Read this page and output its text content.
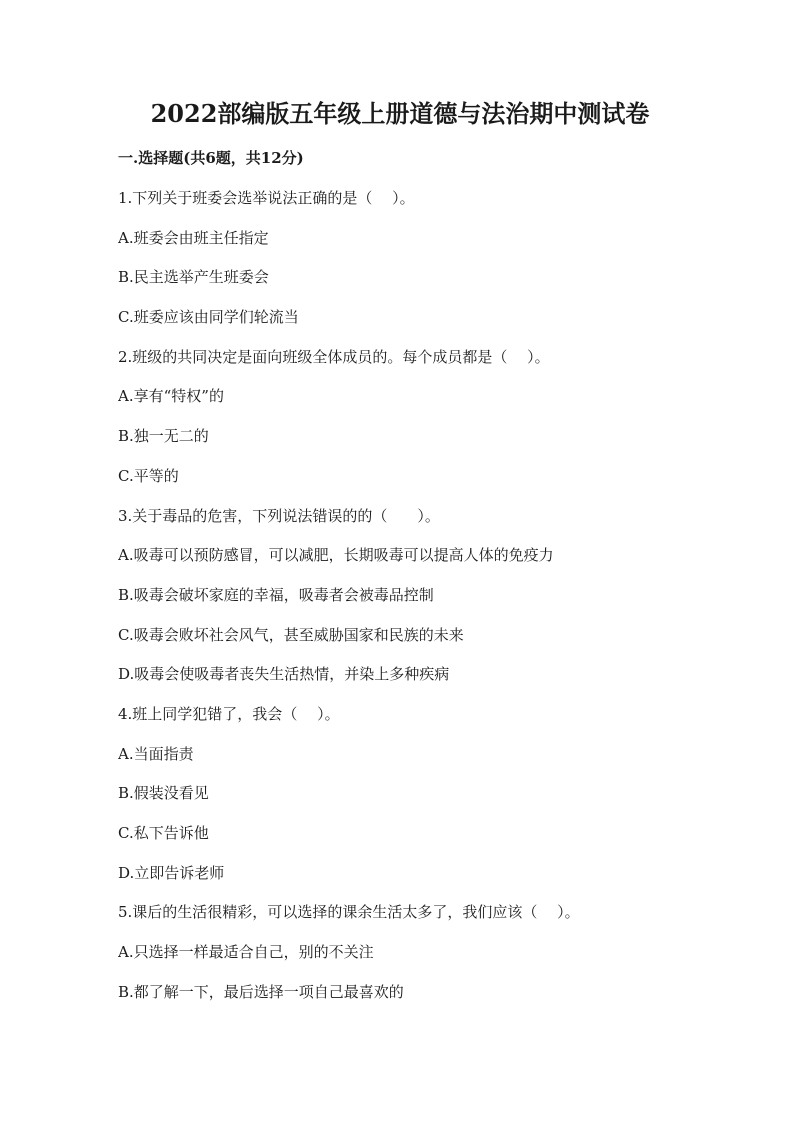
2022部编版五年级上册道德与法治期中测试卷
一.选择题(共6题，共12分)
1.下列关于班委会选举说法正确的是（　 ）。
A.班委会由班主任指定
B.民主选举产生班委会
C.班委应该由同学们轮流当
2.班级的共同决定是面向班级全体成员的。每个成员都是（　 ）。
A.享有“特权”的
B.独一无二的
C.平等的
3.关于毒品的危害，下列说法错误的的（　　）。
A.吸毒可以预防感冒，可以减肥，长期吸毒可以提高人体的免疫力
B.吸毒会破坏家庭的幸福，吸毒者会被毒品控制
C.吸毒会败坏社会风气，甚至威胁国家和民族的未来
D.吸毒会使吸毒者丧失生活热情，并染上多种疾病
4.班上同学犯错了，我会（　 ）。
A.当面指责
B.假装没看见
C.私下告诉他
D.立即告诉老师
5.课后的生活很精彩，可以选择的课余生活太多了，我们应该（　 ）。
A.只选择一样最适合自己，别的不关注
B.都了解一下，最后选择一项自己最喜欢的
